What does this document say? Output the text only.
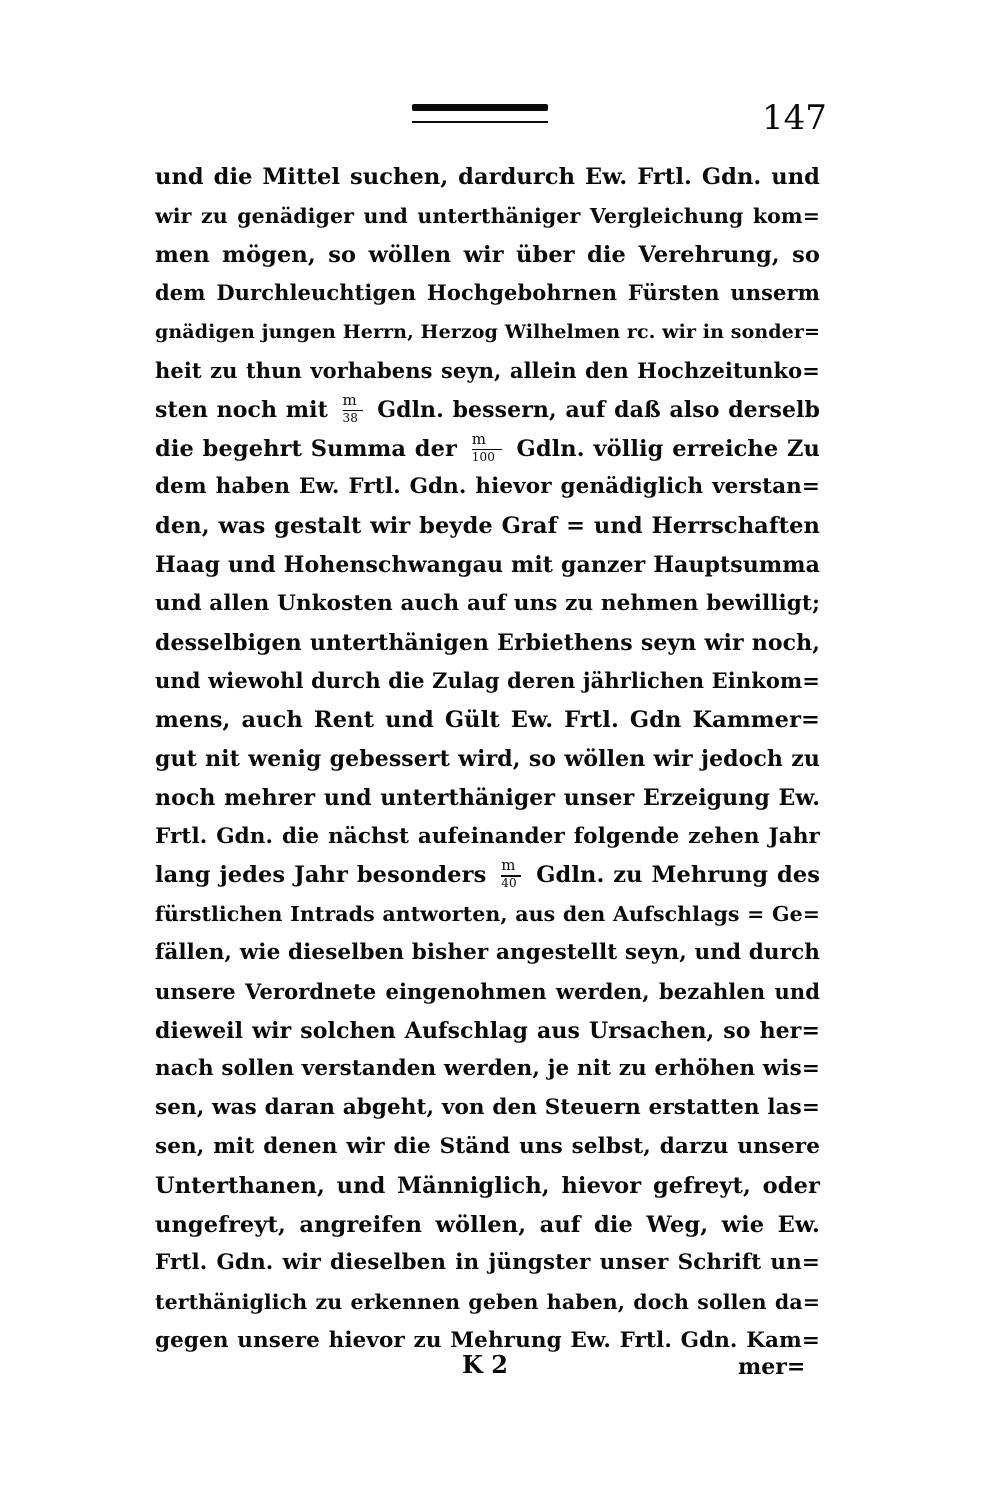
147
und die Mittel suchen, dardurch Ew. Frtl. Gdn. und
wir zu genädiger und unterthäniger Vergleichung kom=
men mögen, so wöllen wir über die Verehrung, so
dem Durchleuchtigen Hochgebohrnen Fürsten unserm
gnädigen jungen Herrn, Herzog Wilhelmen rc. wir in sonder=
heit zu thun vorhabens seyn, allein den Hochzeitunko=
sten noch mit $\frac{m}{38} Gdln$. bessern, auf daß also derselb
die begehrt Summa der $\frac{m}{100} Gdln$. völlig erreiche Zu
dem haben Ew. Frtl. Gdn. hievor genädiglich verstan=
den, was gestalt wir beyde Graf = und Herrschaften
Haag und Hohenschwangau mit ganzer Hauptsumma
und allen Unkosten auch auf uns zu nehmen bewilligt;
desselbigen unterthänigen Erbiethens seyn wir noch,
und wiewohl durch die Zulag deren jährlichen Einkom=
mens, auch Rent und Gült Ew. Frtl. Gdn Kammer=
gut nit wenig gebessert wird, so wöllen wir jedoch zu
noch mehrer und unterthäniger unser Erzeigung Ew.
Frtl. Gdn. die nächst aufeinander folgende zehen Jahr
lang jedes Jahr besonders $\frac{m}{40} Gdln$. zu Mehrung des
fürstlichen Intrads antworten, aus den Aufschlags = Ge=
fällen, wie dieselben bisher angestellt seyn, und durch
unsere Verordnete eingenohmen werden, bezahlen und
dieweil wir solchen Aufschlag aus Ursachen, so her=
nach sollen verstanden werden, je nit zu erhöhen wis=
sen, was daran abgeht, von den Steuern erstatten las=
sen, mit denen wir die Ständ uns selbst, darzu unsere
Unterthanen, und Männiglich, hievor gefreyt, oder
ungefreyt, angreifen wöllen, auf die Weg, wie Ew.
Frtl. Gdn. wir dieselben in jüngster unser Schrift un=
terthäniglich zu erkennen geben haben, doch sollen da=
gegen unsere hievor zu Mehrung Ew. Frtl. Gdn. Kam=
K 2	mer=
